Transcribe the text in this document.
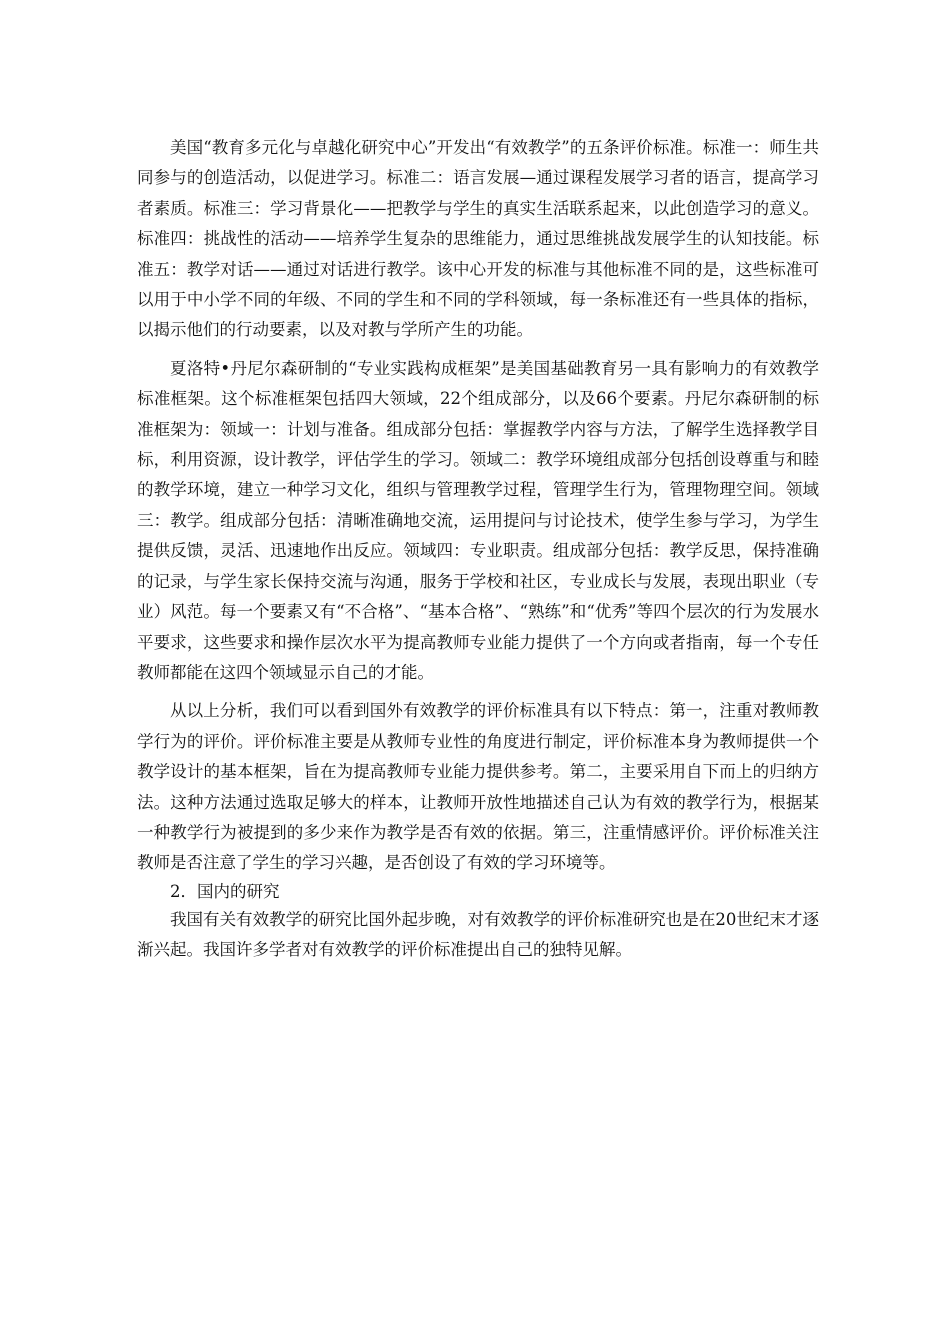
美国“教育多元化与卓越化研究中心”开发出“有效教学”的五条评价标准。标准一：师生共同参与的创造活动，以促进学习。标准二：语言发展—通过课程发展学习者的语言，提高学习者素质。标准三：学习背景化——把教学与学生的真实生活联系起来，以此创造学习的意义。标准四：挑战性的活动——培养学生复杂的思维能力，通过思维挑战发展学生的认知技能。标准五：教学对话——通过对话进行教学。该中心开发的标准与其他标准不同的是，这些标准可以用于中小学不同的年级、不同的学生和不同的学科领域，每一条标准还有一些具体的指标，以揭示他们的行动要素，以及对教与学所产生的功能。

夏洛特•丹尼尔森研制的“专业实践构成框架”是美国基础教育另一具有影响力的有效教学标准框架。这个标准框架包括四大领域，22个组成部分，以及66个要素。丹尼尔森研制的标准框架为：领域一：计划与准备。组成部分包括：掌握教学内容与方法，了解学生选择教学目标，利用资源，设计教学，评估学生的学习。领域二：教学环境组成部分包括创设尊重与和睦的教学环境，建立一种学习文化，组织与管理教学过程，管理学生行为，管理物理空间。领域三：教学。组成部分包括：清晰准确地交流，运用提问与讨论技术，使学生参与学习，为学生提供反馈，灵活、迅速地作出反应。领域四：专业职责。组成部分包括：教学反思，保持准确的记录，与学生家长保持交流与沟通，服务于学校和社区，专业成长与发展，表现出职业（专业）风范。每一个要素又有“不合格”、“基本合格”、“熟练”和“优秀”等四个层次的行为发展水平要求，这些要求和操作层次水平为提高教师专业能力提供了一个方向或者指南，每一个专任教师都能在这四个领域显示自己的才能。

从以上分析，我们可以看到国外有效教学的评价标准具有以下特点：第一，注重对教师教学行为的评价。评价标准主要是从教师专业性的角度进行制定，评价标准本身为教师提供一个教学设计的基本框架，旨在为提高教师专业能力提供参考。第二，主要采用自下而上的归纳方法。这种方法通过选取足够大的样本，让教师开放性地描述自己认为有效的教学行为，根据某一种教学行为被提到的多少来作为教学是否有效的依据。第三，注重情感评价。评价标准关注教师是否注意了学生的学习兴趣，是否创设了有效的学习环境等。

2．国内的研究

我国有关有效教学的研究比国外起步晚，对有效教学的评价标准研究也是在20世纪末才逐渐兴起。我国许多学者对有效教学的评价标准提出自己的独特见解。
